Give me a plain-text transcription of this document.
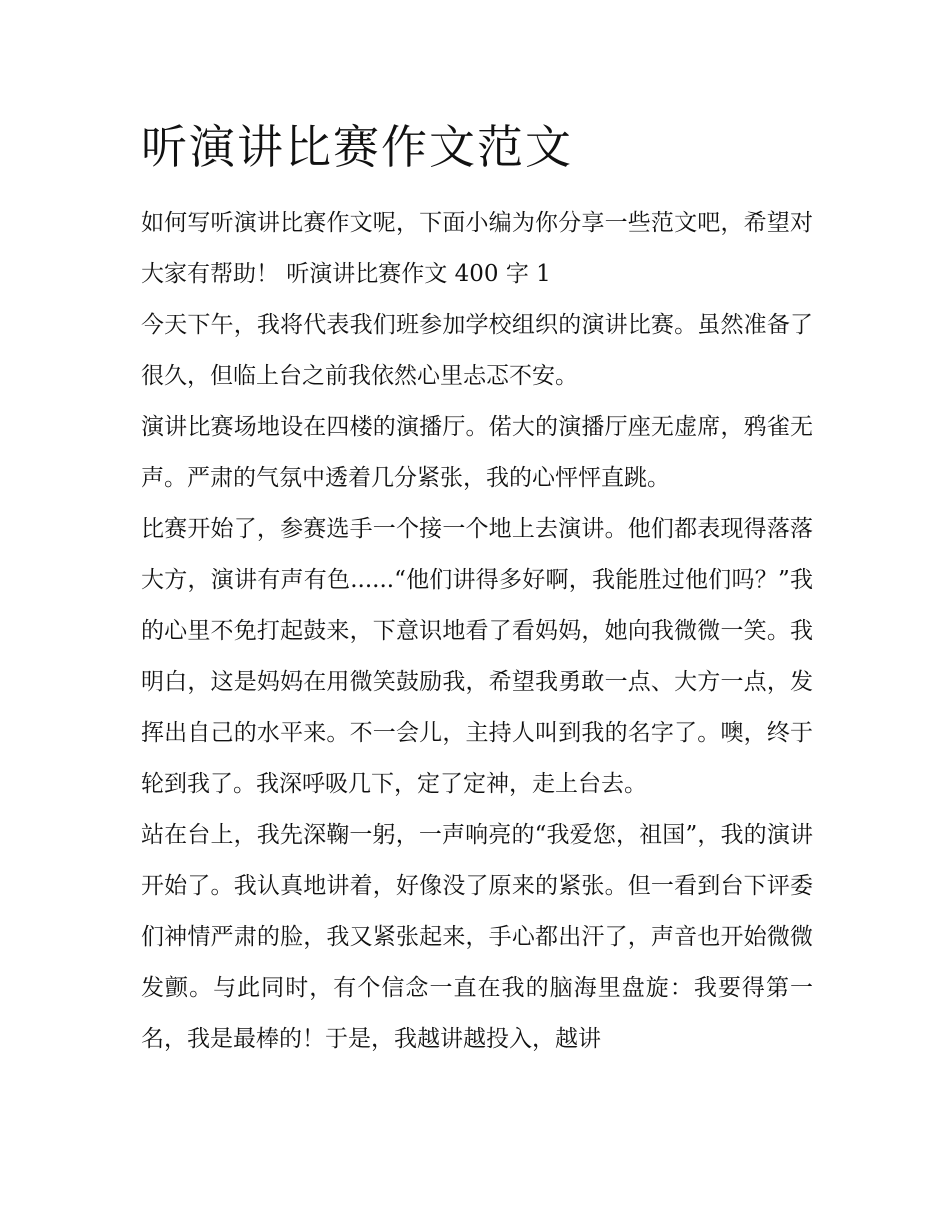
听演讲比赛作文范文

如何写听演讲比赛作文呢，下面小编为你分享一些范文吧，希望对大家有帮助！ 听演讲比赛作文 400 字 1

今天下午，我将代表我们班参加学校组织的演讲比赛。虽然准备了很久，但临上台之前我依然心里忐忑不安。

演讲比赛场地设在四楼的演播厅。偌大的演播厅座无虚席，鸦雀无声。严肃的气氛中透着几分紧张，我的心怦怦直跳。

比赛开始了，参赛选手一个接一个地上去演讲。他们都表现得落落大方，演讲有声有色......“他们讲得多好啊，我能胜过他们吗？”我的心里不免打起鼓来，下意识地看了看妈妈，她向我微微一笑。我明白，这是妈妈在用微笑鼓励我，希望我勇敢一点、大方一点，发挥出自己的水平来。不一会儿，主持人叫到我的名字了。噢，终于轮到我了。我深呼吸几下，定了定神，走上台去。

站在台上，我先深鞠一躬，一声响亮的“我爱您，祖国”，我的演讲开始了。我认真地讲着，好像没了原来的紧张。但一看到台下评委们神情严肃的脸，我又紧张起来，手心都出汗了，声音也开始微微发颤。与此同时，有个信念一直在我的脑海里盘旋：我要得第一名，我是最棒的！于是，我越讲越投入，越讲
